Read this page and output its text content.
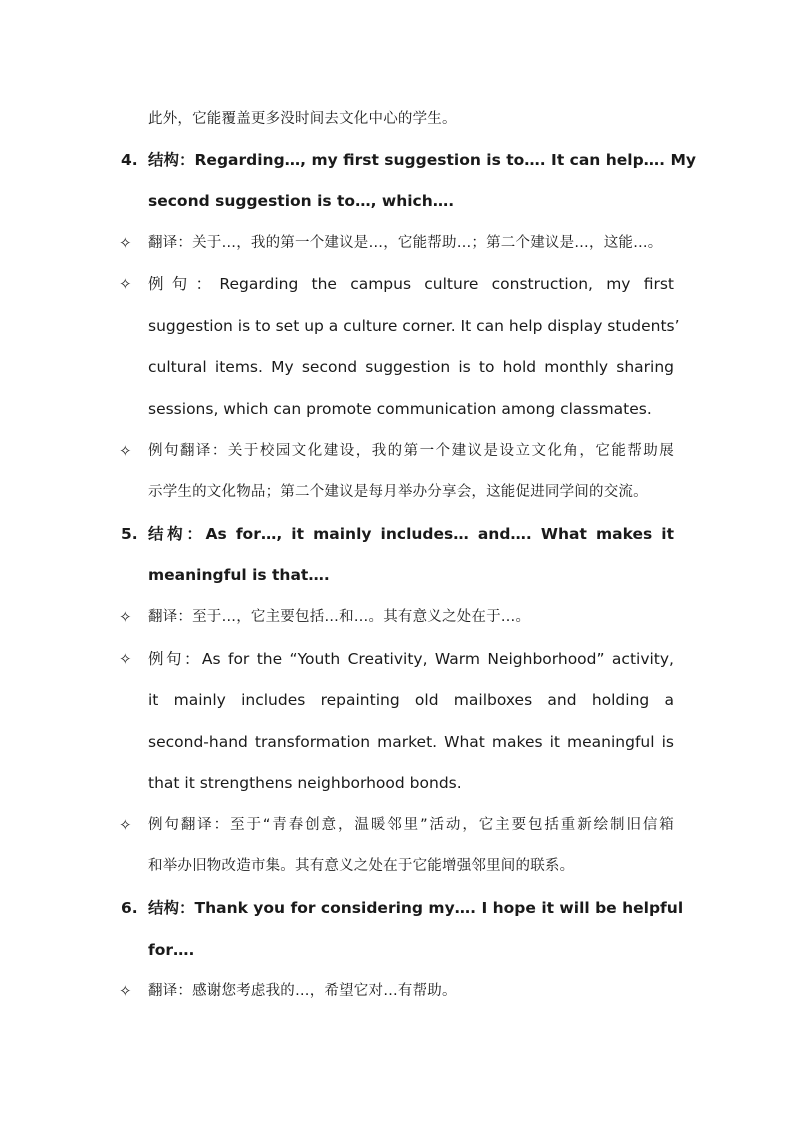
此外，它能覆盖更多没时间去文化中心的学生。
4. 结构：Regarding…, my first suggestion is to…. It can help…. My
second suggestion is to…, which….
✧ 翻译：关于…，我的第一个建议是…，它能帮助…；第二个建议是…，这能…。
✧ 例句：Regarding the campus culture construction, my first
suggestion is to set up a culture corner. It can help display students’
cultural items. My second suggestion is to hold monthly sharing
sessions, which can promote communication among classmates.
✧ 例句翻译：关于校园文化建设，我的第一个建议是设立文化角，它能帮助展
示学生的文化物品；第二个建议是每月举办分享会，这能促进同学间的交流。
5. 结构：As for…, it mainly includes… and…. What makes it
meaningful is that….
✧ 翻译：至于…，它主要包括…和…。其有意义之处在于…。
✧ 例句：As for the “Youth Creativity, Warm Neighborhood” activity,
it mainly includes repainting old mailboxes and holding a
second-hand transformation market. What makes it meaningful is
that it strengthens neighborhood bonds.
✧ 例句翻译：至于“青春创意，温暖邻里”活动，它主要包括重新绘制旧信箱
和举办旧物改造市集。其有意义之处在于它能增强邻里间的联系。
6. 结构：Thank you for considering my…. I hope it will be helpful
for….
✧ 翻译：感谢您考虑我的…，希望它对…有帮助。
